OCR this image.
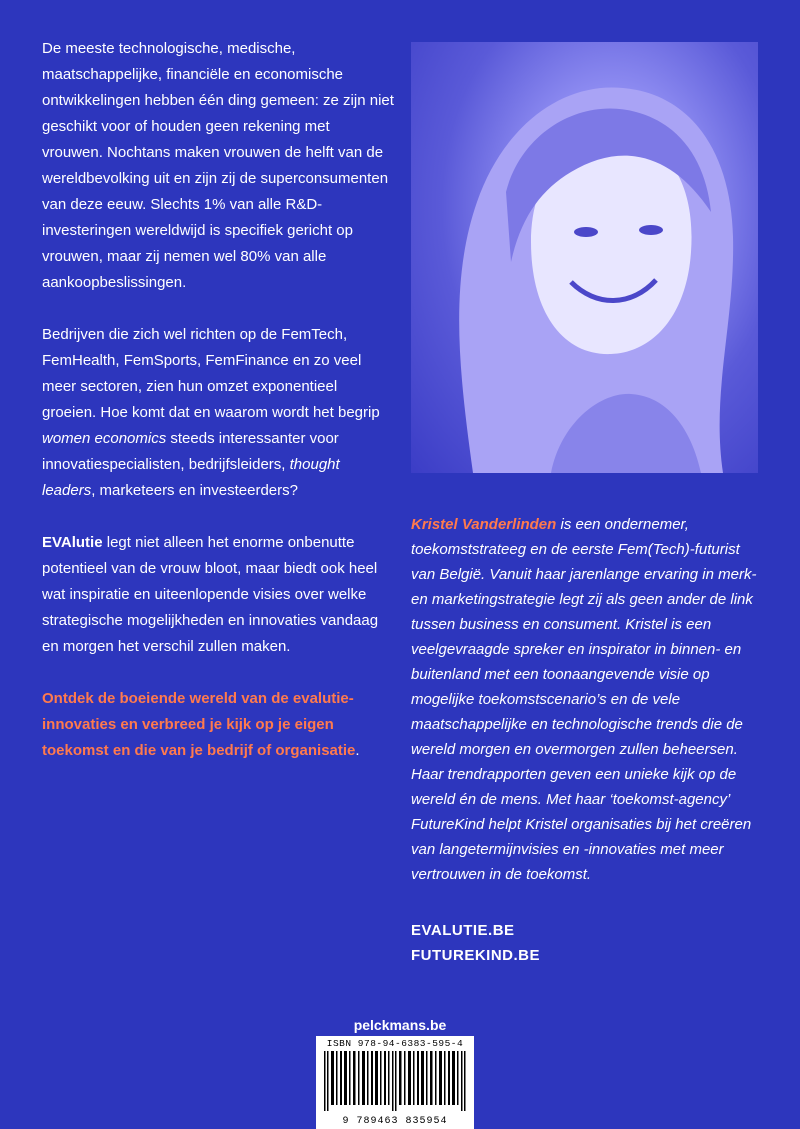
De meeste technologische, medische, maatschappelijke, financiële en economische ontwikkelingen hebben één ding gemeen: ze zijn niet geschikt voor of houden geen rekening met vrouwen. Nochtans maken vrouwen de helft van de wereldbevolking uit en zijn zij de superconsumenten van deze eeuw. Slechts 1% van alle R&D-investeringen wereldwijd is specifiek gericht op vrouwen, maar zij nemen wel 80% van alle aankoopbeslissingen.

Bedrijven die zich wel richten op de FemTech, FemHealth, FemSports, FemFinance en zo veel meer sectoren, zien hun omzet exponentieel groeien. Hoe komt dat en waarom wordt het begrip women economics steeds interessanter voor innovatiespecialisten, bedrijfsleiders, thought leaders, marketeers en investeerders?

EVAlutie legt niet alleen het enorme onbenutte potentieel van de vrouw bloot, maar biedt ook heel wat inspiratie en uiteenlopende visies over welke strategische mogelijkheden en innovaties vandaag en morgen het verschil zullen maken.

Ontdek de boeiende wereld van de evalutie-innovaties en verbreed je kijk op je eigen toekomst en die van je bedrijf of organisatie.

Kristel Vanderlinden is een ondernemer, toekomststrateeg en de eerste Fem(Tech)-futurist van België. Vanuit haar jarenlange ervaring in merk- en marketingstrategie legt zij als geen ander de link tussen business en consument. Kristel is een veelgevraagde spreker en inspirator in binnen- en buitenland met een toonaangevende visie op mogelijke toekomstscenario’s en de vele maatschappelijke en technologische trends die de wereld morgen en overmorgen zullen beheersen. Haar trendrapporten geven een unieke kijk op de wereld én de mens. Met haar ‘toekomst-agency’ FutureKind helpt Kristel organisaties bij het creëren van langetermijnvisies en -innovaties met meer vertrouwen in de toekomst.

EVALUTIE.BE
FUTUREKIND.BE
pelckmans.be
ISBN 978-94-6383-595-4
9 789463 835954
